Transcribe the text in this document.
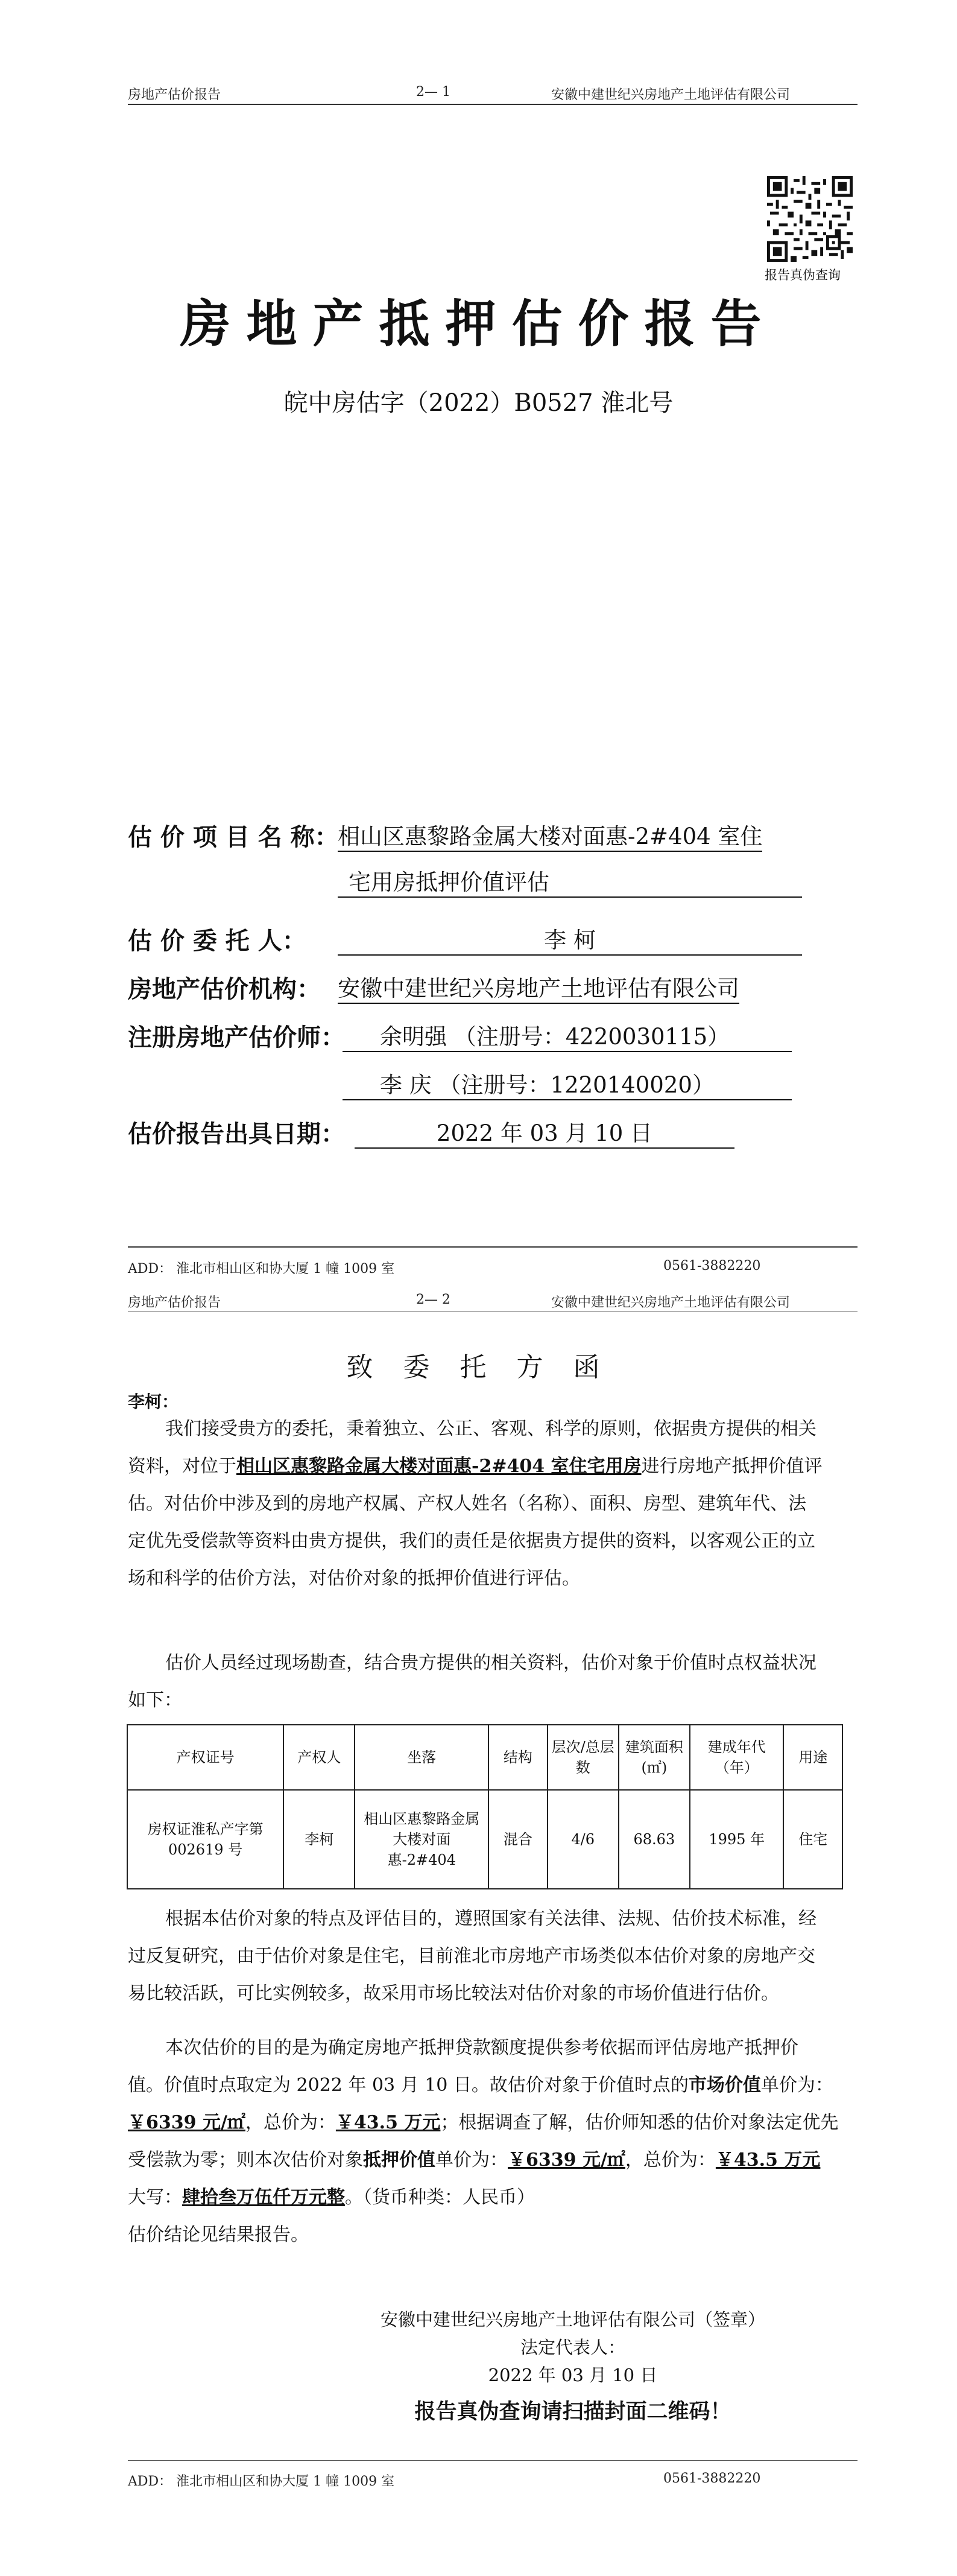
房地产估价报告	2— 1	安徽中建世纪兴房地产土地评估有限公司
报告真伪查询
房地产抵押估价报告
皖中房估字（2022）B0527 淮北号
估 价 项 目 名 称：
相山区惠黎路金属大楼对面惠-2#404 室住
宅用房抵押价值评估
估 价 委 托 人：	李 柯
房地产估价机构： 安徽中建世纪兴房地产土地评估有限公司
注册房地产估价师：	余明强 （注册号：4220030115）
李 庆 （注册号：1220140020）
估价报告出具日期：	2022 年 03 月 10 日
ADD： 淮北市相山区和协大厦 1 幢 1009 室	0561-3882220
房地产估价报告	2— 2	安徽中建世纪兴房地产土地评估有限公司
致 委 托 方 函
李柯：
我们接受贵方的委托，秉着独立、公正、客观、科学的原则，依据贵方提供的相关
资料，对位于相山区惠黎路金属大楼对面惠-2#404 室住宅用房进行房地产抵押价值评
估。对估价中涉及到的房地产权属、产权人姓名（名称）、面积、房型、建筑年代、法
定优先受偿款等资料由贵方提供，我们的责任是依据贵方提供的资料，以客观公正的立
场和科学的估价方法，对估价对象的抵押价值进行评估。
估价人员经过现场勘查，结合贵方提供的相关资料，估价对象于价值时点权益状况
如下：
产权证号	产权人	坐落	结构	层次/总层数	建筑面积(㎡)	建成年代（年）	用途
房权证淮私产字第 002619 号	李柯	相山区惠黎路金属大楼对面惠-2#404	混合	4/6	68.63	1995 年	住宅
根据本估价对象的特点及评估目的，遵照国家有关法律、法规、估价技术标准，经
过反复研究，由于估价对象是住宅，目前淮北市房地产市场类似本估价对象的房地产交
易比较活跃，可比实例较多，故采用市场比较法对估价对象的市场价值进行估价。
本次估价的目的是为确定房地产抵押贷款额度提供参考依据而评估房地产抵押价
值。价值时点取定为 2022 年 03 月 10 日。故估价对象于价值时点的市场价值单价为：
￥6339 元/㎡，总价为：￥43.5 万元；根据调查了解，估价师知悉的估价对象法定优先
受偿款为零；则本次估价对象抵押价值单价为：￥6339 元/㎡，总价为：￥43.5 万元
大写：肆拾叁万伍仟万元整。（货币种类：人民币）
估价结论见结果报告。
安徽中建世纪兴房地产土地评估有限公司（签章）
法定代表人：
2022 年 03 月 10 日
报告真伪查询请扫描封面二维码！
ADD： 淮北市相山区和协大厦 1 幢 1009 室	0561-3882220
